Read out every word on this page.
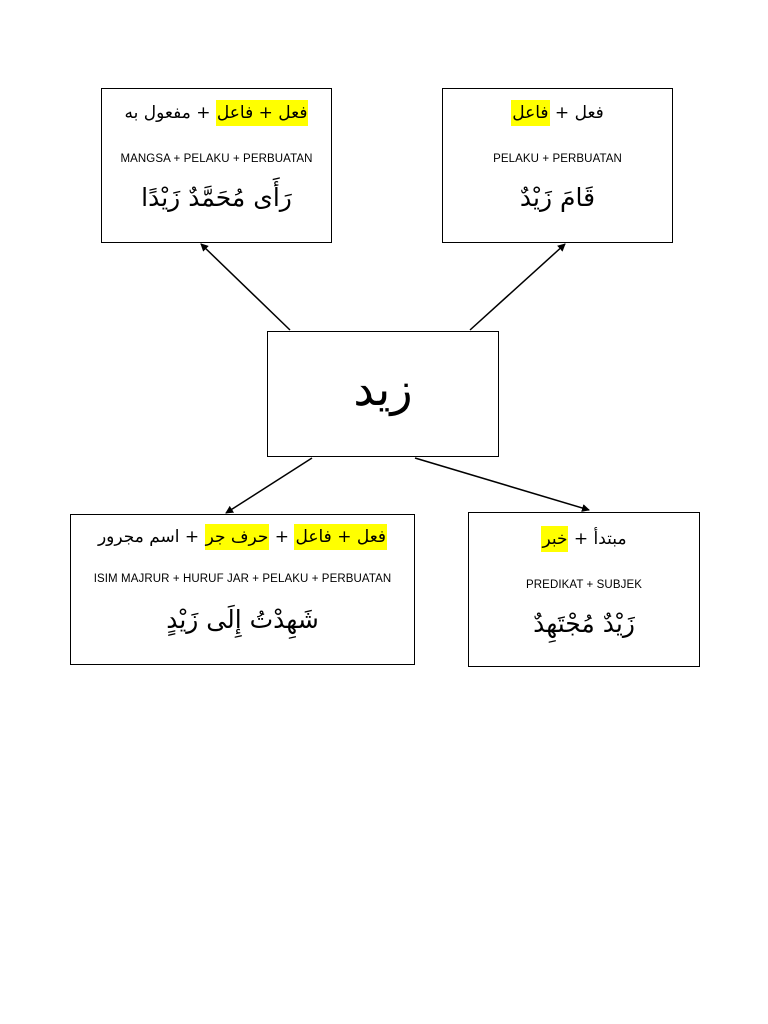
فعل + فاعل + مفعول به
MANGSA + PELAKU + PERBUATAN
رَأَى مُحَمَّدٌ زَيْدًا
فعل + فاعل
PELAKU + PERBUATAN
قَامَ زَيْدٌ
زيد
فعل + فاعل + حرف جر + اسم مجرور
ISIM MAJRUR + HURUF JAR + PELAKU + PERBUATAN
شَهِدْتُ إِلَى زَيْدٍ
مبتدأ + خبر
PREDIKAT + SUBJEK
زَيْدٌ مُجْتَهِدٌ
